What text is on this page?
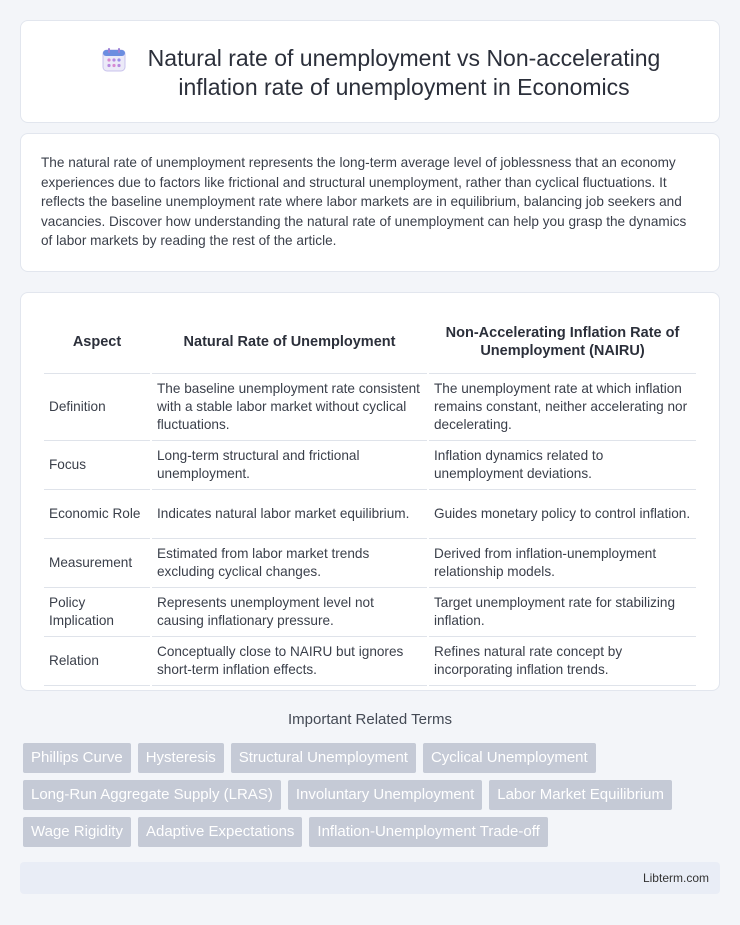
Natural rate of unemployment vs Non-accelerating inflation rate of unemployment in Economics

The natural rate of unemployment represents the long-term average level of joblessness that an economy experiences due to factors like frictional and structural unemployment, rather than cyclical fluctuations. It reflects the baseline unemployment rate where labor markets are in equilibrium, balancing job seekers and vacancies. Discover how understanding the natural rate of unemployment can help you grasp the dynamics of labor markets by reading the rest of the article.

Aspect	Natural Rate of Unemployment	Non-Accelerating Inflation Rate of Unemployment (NAIRU)
Definition	The baseline unemployment rate consistent with a stable labor market without cyclical fluctuations.	The unemployment rate at which inflation remains constant, neither accelerating nor decelerating.
Focus	Long-term structural and frictional unemployment.	Inflation dynamics related to unemployment deviations.
Economic Role	Indicates natural labor market equilibrium.	Guides monetary policy to control inflation.
Measurement	Estimated from labor market trends excluding cyclical changes.	Derived from inflation-unemployment relationship models.
Policy Implication	Represents unemployment level not causing inflationary pressure.	Target unemployment rate for stabilizing inflation.
Relation	Conceptually close to NAIRU but ignores short-term inflation effects.	Refines natural rate concept by incorporating inflation trends.
Important Related Terms
Phillips Curve	Hysteresis	Structural Unemployment	Cyclical Unemployment
Long-Run Aggregate Supply (LRAS)	Involuntary Unemployment	Labor Market Equilibrium
Wage Rigidity	Adaptive Expectations	Inflation-Unemployment Trade-off
Libterm.com
